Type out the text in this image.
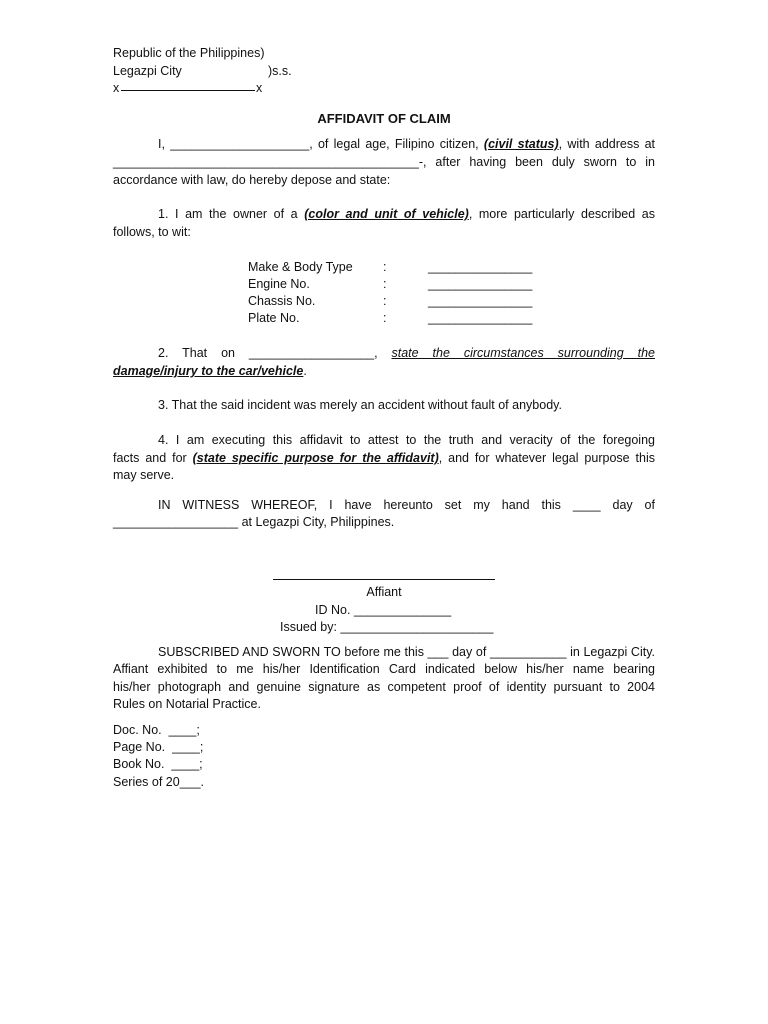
Republic of the Philippines)
Legazpi City	)s.s.
x	x
AFFIDAVIT OF CLAIM
I, ____________________, of legal age, Filipino citizen, (civil status), with address at
____________________________________________-, after having been duly sworn to in
accordance with law, do hereby depose and state:
1. I am the owner of a (color and unit of vehicle), more particularly described as
follows, to wit:
Make & Body Type :	_______________
Engine No.	:	_______________
Chassis No.	:	_______________
Plate No.	:	_______________
2. That on __________________, state the circumstances surrounding the
damage/injury to the car/vehicle.
3. That the said incident was merely an accident without fault of anybody.
4. I am executing this affidavit to attest to the truth and veracity of the foregoing
facts and for (state specific purpose for the affidavit), and for whatever legal purpose this
may serve.
IN WITNESS WHEREOF, I have hereunto set my hand this ____ day of
__________________ at Legazpi City, Philippines.
Affiant
ID No. ______________
Issued by: ______________________
SUBSCRIBED AND SWORN TO before me this ___ day of ___________ in Legazpi City.
Affiant exhibited to me his/her Identification Card indicated below his/her name bearing
his/her photograph and genuine signature as competent proof of identity pursuant to 2004
Rules on Notarial Practice.
Doc. No.  ____;
Page No.  ____;
Book No.  ____;
Series of 20___.
